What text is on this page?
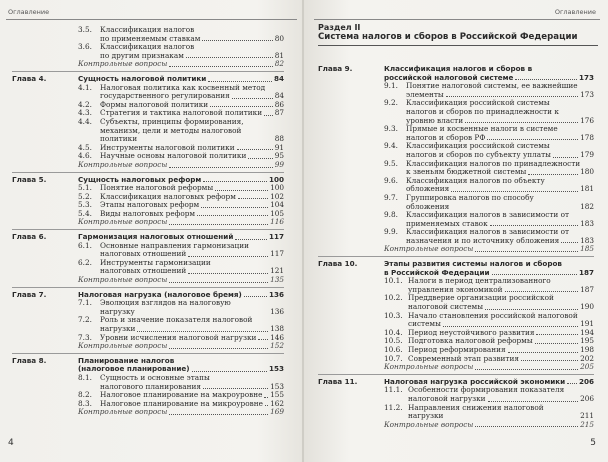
Оглавление
3.5.	Классификация налогов
по применяемым ставкам	80
3.6.	Классификация налогов
по другим признакам	81
Контрольные вопросы	82
Глава 4.	Сущность налоговой политики	84
4.1.	Налоговая политика как косвенный метод
государственного регулирования	84
4.2. Формы налоговой политики	86
4.3. Стратегия и тактика налоговой политики 87
4.4.	Субъекты, принципы формирования,
механизм, цели и методы налоговой политики	88
4.5. Инструменты налоговой политики	91
4.6. Научные основы налоговой политики	95
Контрольные вопросы	99
Глава 5.	Сущность налоговых реформ	100
5.1. Понятие налоговой реформы	100
5.2. Классификация налоговых реформ	102
5.3. Этапы налоговых реформ	104
5.4. Виды налоговых реформ	105
Контрольные вопросы	116
Глава 6.	Гармонизация налоговых отношений	117
6.1.	Основные направления гармонизации
налоговых отношений	117
6.2.	Инструменты гармонизации
налоговых отношений	121
Контрольные вопросы	135
Глава 7.	Налоговая нагрузка (налоговое бремя)	136
7.1. Эволюция взглядов на налоговую нагрузку	136
7.2.	Роль и значение показателя налоговой
нагрузки	138
7.3. Уровни исчисления налоговой нагрузки 146
Контрольные вопросы	152
Глава 8.	Планирование налогов
(налоговое планирование)	153
8.1.	Сущность и основные этапы
налогового планирования	153
8.2. Налоговое планирование на макроуровне 155
8.3. Налоговое планирование на микроуровне 162
Контрольные вопросы	169
4
Оглавление
Раздел II
Система налогов и сборов в Российской Федерации
Глава 9.	Классификация налогов и сборов в
российской налоговой системе	173
9.1.	Понятие налоговой системы, ее важнейшие
элементы	173
9.2.	Классификация российской системы
налогов и сборов по принадлежности к
уровню власти	176
9.3.	Прямые и косвенные налоги в системе
налогов и сборов РФ	178
9.4.	Классификация российской системы
налогов и сборов по субъекту уплаты	179
9.5.	Классификация налогов по принадлежности
к звеньям бюджетной системы	180
9.6.	Классификация налогов по объекту
обложения	181
9.7. Группировка налогов по способу обложения	182
9.8.	Классификация налогов в зависимости от
применяемых ставок	183
9.9.	Классификация налогов в зависимости от
назначения и по источнику обложения	183
Контрольные вопросы	185
Глава 10.	Этапы развития системы налогов и сборов
в Российской Федерации	187
10.1. Налоги в период централизованного
управления экономикой	187
10.2. Преддверие организации российской
налоговой системы	190
10.3. Начало становления российской налоговой
системы	191
10.4. Период неустойчивого развития	194
10.5. Подготовка налоговой реформы	195
10.6. Период реформирования	198
10.7. Современный этап развития	202
Контрольные вопросы	205
Глава 11.	Налоговая нагрузка российской экономики 206
11.1. Особенности формирования показателя
налоговой нагрузки	206
11.2. Направления снижения налоговой нагрузки	211
Контрольные вопросы	215
5
